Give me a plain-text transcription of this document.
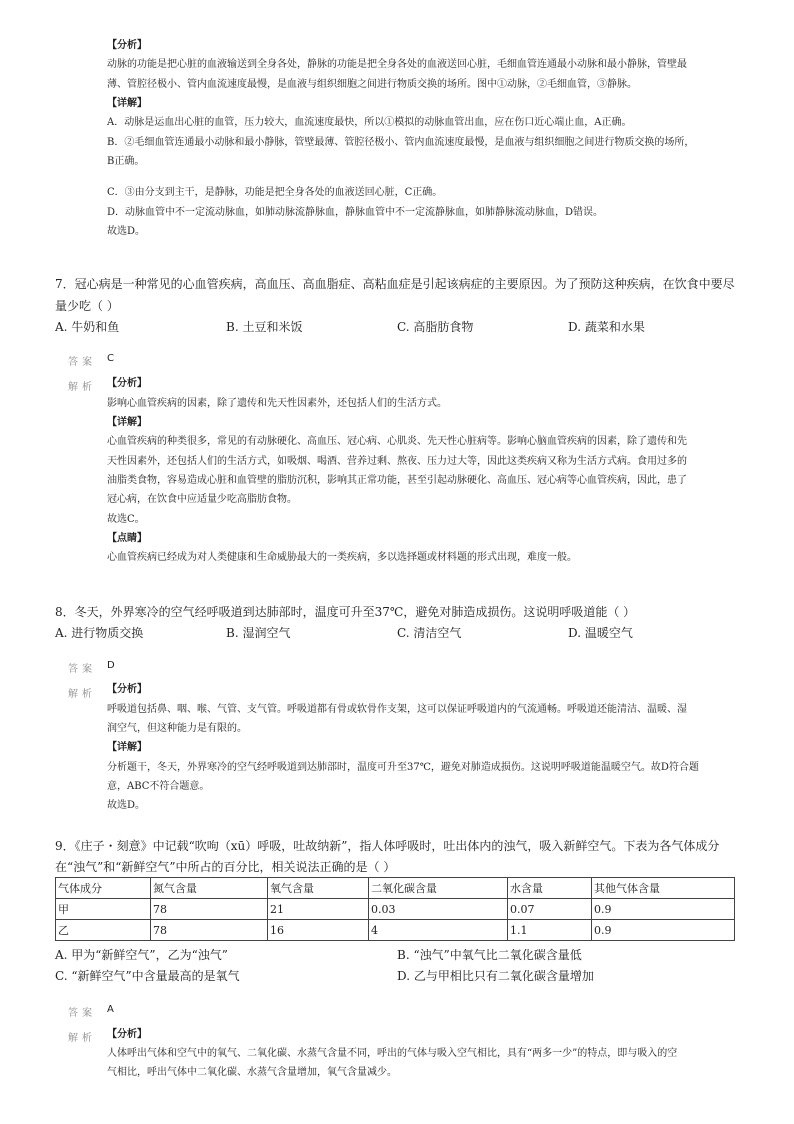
【分析】
动脉的功能是把心脏的血液输送到全身各处，静脉的功能是把全身各处的血液送回心脏，毛细血管连通最小动脉和最小静脉，管壁最
薄、管腔径极小、管内血流速度最慢，是血液与组织细胞之间进行物质交换的场所。图中①动脉，②毛细血管，③静脉。
【详解】
A．动脉是运血出心脏的血管，压力较大，血流速度最快，所以①模拟的动脉血管出血，应在伤口近心端止血，A正确。
B．②毛细血管连通最小动脉和最小静脉，管壁最薄、管腔径极小、管内血流速度最慢，是血液与组织细胞之间进行物质交换的场所，
B正确。
C．③由分支到主干，是静脉，功能是把全身各处的血液送回心脏，C正确。
D．动脉血管中不一定流动脉血，如肺动脉流静脉血，静脉血管中不一定流静脉血，如肺静脉流动脉血，D错误。
故选D。
7．冠心病是一种常见的心血管疾病，高血压、高血脂症、高粘血症是引起该病症的主要原因。为了预防这种疾病，在饮食中要尽
量少吃（ ）
A. 牛奶和鱼	B. 土豆和米饭	C. 高脂肪食物	D. 蔬菜和水果
答案 C
解析 【分析】
影响心血管疾病的因素，除了遗传和先天性因素外，还包括人们的生活方式。
【详解】
心血管疾病的种类很多，常见的有动脉硬化、高血压、冠心病、心肌炎、先天性心脏病等。影响心脑血管疾病的因素，除了遗传和先
天性因素外，还包括人们的生活方式，如吸烟、喝酒、营养过剩、熬夜、压力过大等，因此这类疾病又称为生活方式病。食用过多的
油脂类食物，容易造成心脏和血管壁的脂肪沉积，影响其正常功能，甚至引起动脉硬化、高血压、冠心病等心血管疾病，因此，患了
冠心病，在饮食中应适量少吃高脂肪食物。
故选C。
【点睛】
心血管疾病已经成为对人类健康和生命威胁最大的一类疾病，多以选择题或材料题的形式出现，难度一般。
8．冬天，外界寒冷的空气经呼吸道到达肺部时，温度可升至37℃，避免对肺造成损伤。这说明呼吸道能（ ）
A. 进行物质交换	B. 湿润空气	C. 清洁空气	D. 温暖空气
答案 D
解析 【分析】
呼吸道包括鼻、咽、喉、气管、支气管。呼吸道都有骨或软骨作支架，这可以保证呼吸道内的气流通畅。呼吸道还能清洁、温暖、湿
润空气，但这种能力是有限的。
【详解】
分析题干，冬天，外界寒冷的空气经呼吸道到达肺部时，温度可升至37℃，避免对肺造成损伤。这说明呼吸道能温暖空气。故D符合题
意，ABC不符合题意。
故选D。
9．《庄子・刻意》中记载“吹呴（xū）呼吸，吐故纳新”，指人体呼吸时，吐出体内的浊气，吸入新鲜空气。下表为各气体成分
在“浊气”和“新鲜空气”中所占的百分比，相关说法正确的是（ ）
气体成分	氮气含量	氧气含量	二氧化碳含量	水含量	其他气体含量
甲	78	21	0.03	0.07	0.9
乙	78	16	4	1.1	0.9
A. 甲为“新鲜空气”，乙为“浊气”	B. “浊气”中氧气比二氧化碳含量低
C. “新鲜空气”中含量最高的是氧气	D. 乙与甲相比只有二氧化碳含量增加
答案 A
解析 【分析】
人体呼出气体和空气中的氧气、二氧化碳、水蒸气含量不同，呼出的气体与吸入空气相比，具有“两多一少”的特点，即与吸入的空
气相比，呼出气体中二氧化碳、水蒸气含量增加，氧气含量减少。
